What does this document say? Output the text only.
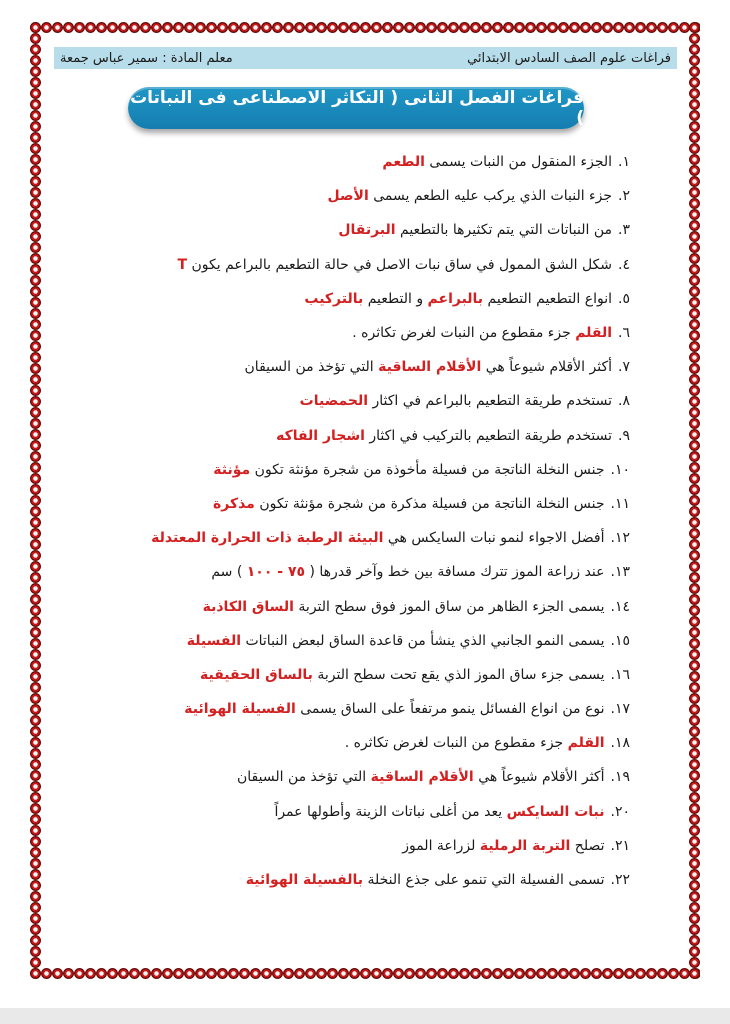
فراغات علوم الصف السادس الابتدائي
معلم المادة : سمير عباس جمعة
فراغات الفصل الثانى ( التكاثر الاصطناعى فى النباتات )
١.
الجزء المنقول من النبات يسمى

الطعم
٢.
جزء النبات الذي يركب عليه الطعم يسمى

الأصل
٣.
من النباتات التي يتم تكثيرها بالتطعيم

البرتقال
٤.
شكل الشق الممول في ساق نبات الاصل في حالة التطعيم بالبراعم يكون

T
٥.
انواع التطعيم التطعيم

بالبراعم

و التطعيم

بالتركيب
٦.
القلم

جزء مقطوع من النبات لغرض تكاثره .
٧.
أكثر الأقلام شيوعاً هي

الأقلام الساقية

التي تؤخذ من السيقان
٨.
تستخدم طريقة التطعيم بالبراعم في اكثار

الحمضيات
٩.
تستخدم طريقة التطعيم بالتركيب في اكثار

اشجار الفاكه
١٠.
جنس النخلة الناتجة من فسيلة مأخوذة من شجرة مؤنثة تكون

مؤنثة
١١.
جنس النخلة الناتجة من فسيلة مذكرة من شجرة مؤنثة تكون

مذكرة
١٢.
أفضل الاجواء لنمو نبات السايكس هي

البيئة الرطبة ذات الحرارة المعتدلة
١٣.
عند زراعة الموز تترك مسافة بين خط وآخر قدرها (

٧٥ - ١٠٠

) سم
١٤.
يسمى الجزء الظاهر من ساق الموز فوق سطح التربة

الساق الكاذبة
١٥.
يسمى النمو الجانبي الذي ينشأ من قاعدة الساق لبعض النباتات

الفسيلة
١٦.
يسمى جزء ساق الموز الذي يقع تحت سطح التربة

بالساق الحقيقية
١٧.
نوع من انواع الفسائل ينمو مرتفعاً على الساق يسمى

الفسيلة الهوائية
١٨.
القلم

جزء مقطوع من النبات لغرض تكاثره .
١٩.
أكثر الأقلام شيوعاً هي

الأقلام الساقية

التي تؤخذ من السيقان
٢٠.
نبات السايكس

يعد من أغلى نباتات الزينة وأطولها عمراً
٢١.
تصلح

التربة الرملية

لزراعة الموز
٢٢.
تسمى الفسيلة التي تنمو على جذع النخلة

بالفسيلة الهوائية
